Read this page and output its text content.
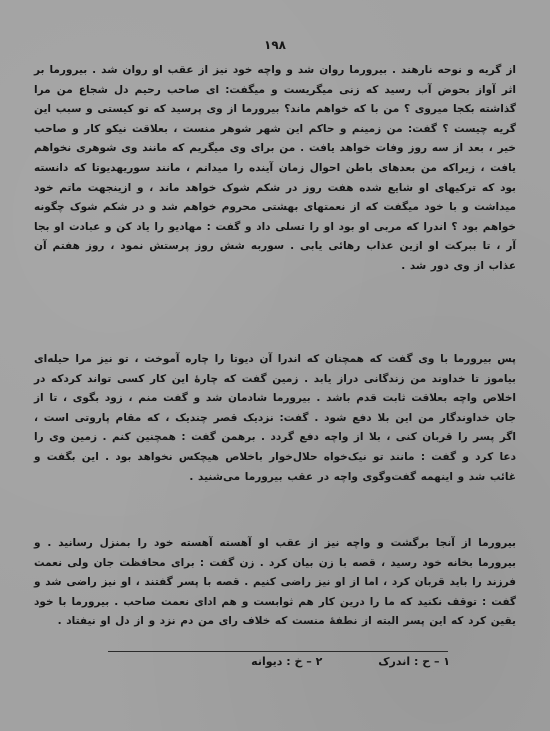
۱۹۸

از گریه و نوحه نارهند . بیرورما روان شد و واچه خود نیز از عقب او روان شد . بیرورما بر اثر آواز بحوض آب رسید که زنی میگریست و میگفت: ای صاحب رحیم دل شجاع من مرا گذاشته بکجا میروی ؟ من با که خواهم ماند؟ بیرورما از وی پرسید که تو کیستی و سبب این گریه چیست ؟ گفت: من زمینم و حاکم این شهر شوهر منست ، بعلاقت نیکو کار و صاحب خیر ، بعد از سه روز وفات خواهد یافت . من برای وی میگریم که مانند وی شوهری نخواهم یافت ، زیراکه من بعدهای باطن احوال زمان آینده را میدانم ، مانند سوریهدیوتا که دانسته بود که ترکیهای او شایع شده هفت روز در شکم شوک خواهد ماند ، و ازینجهت ماتم خود میداشت و با خود میگفت که از نعمتهای بهشتی محروم خواهم شد و در شکم شوک چگونه خواهم بود ؟ اندرا که مربی او بود او را تسلی داد و گفت : مهادیو را یاد کن و عبادت او بجا آر ، تا ببرکت او ازین عذاب رهائی یابی . سوربه شش روز پرستش نمود ، روز هفتم آن عذاب از وی دور شد .

پس بیرورما با وی گفت که همچنان که اندرا آن دیوتا را چاره آموخت ، تو نیز مرا حیله‌ای بیاموز تا خداوند من زندگانی دراز یابد . زمین گفت که چارهٔ این کار کسی تواند کردکه در اخلاص واچه بعلاقت ثابت قدم باشد . بیرورما شادمان شد و گفت منم ، زود بگوی ، تا از جان خداوندگار من این بلا دفع شود . گفت: نزدیک قصر چندیک ، که مقام پاروتی است ، اگر پسر را قربان کنی ، بلا از واچه دفع گردد . برهمن گفت : همچنین کنم . زمین وی را دعا کرد و گفت : مانند تو نیک‌خواه حلال‌خوار باخلاص هیچکس نخواهد بود . این بگفت و غائب شد و اینهمه گفت‌وگوی واچه در عقب بیرورما می‌شنید .

بیرورما از آنجا برگشت و واچه نیز از عقب او آهسته آهسته خود را بمنزل رسانید . و بیرورما بخانه خود رسید ، قصه با زن بیان کرد . زن گفت : برای محافظت جان ولی نعمت فرزند را باید قربان کرد ، اما از او نیز راضی کنیم . قصه با پسر گفتند ، او نیز راضی شد و گفت : توقف نکنید که ما را درین کار هم ثوابست و هم ادای نعمت صاحب . بیرورما با خود یقین کرد که این پسر البته از نطفهٔ منست که خلاف رای من دم نزد و از دل او نیفتاد .

۱ – ح : اندرک
۲ – خ : دیوانه
